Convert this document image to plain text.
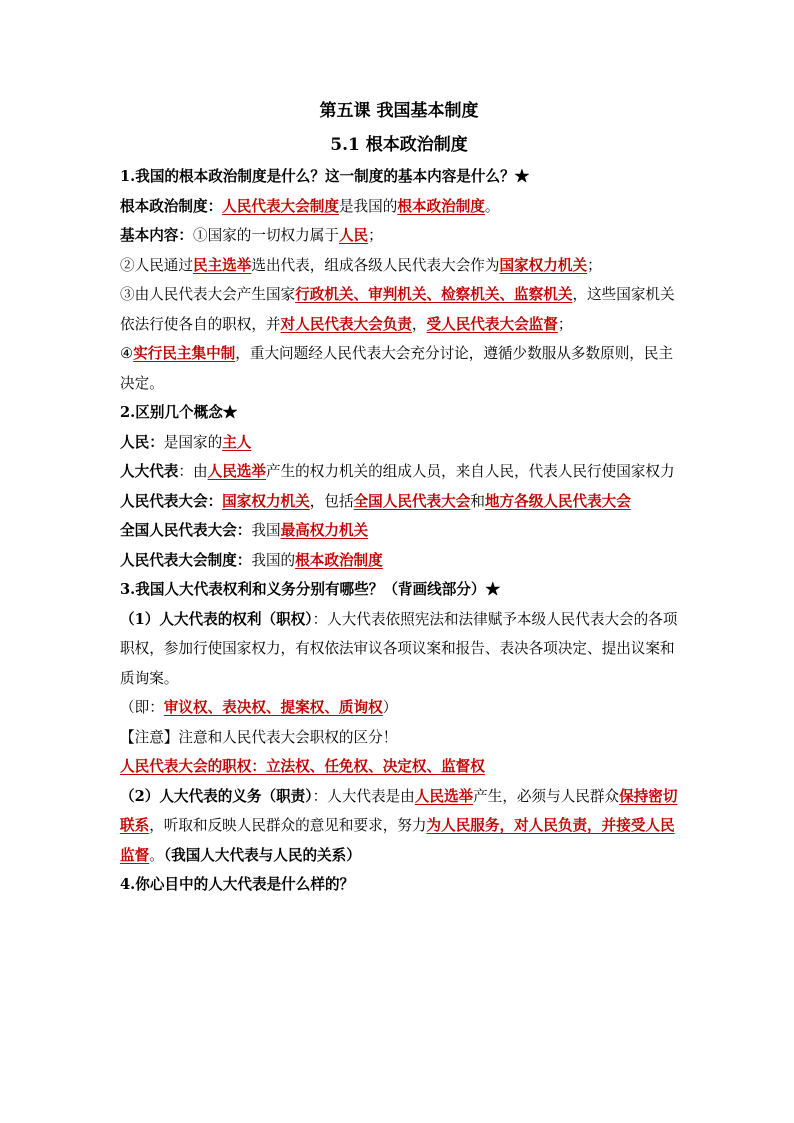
第五课 我国基本制度
5.1 根本政治制度

1.我国的根本政治制度是什么？这一制度的基本内容是什么？★

根本政治制度：人民代表大会制度是我国的根本政治制度。

基本内容：①国家的一切权力属于人民；

②人民通过民主选举选出代表，组成各级人民代表大会作为国家权力机关；

③由人民代表大会产生国家行政机关、审判机关、检察机关、监察机关，这些国家机关依法行使各自的职权，并对人民代表大会负责，受人民代表大会监督；

④实行民主集中制，重大问题经人民代表大会充分讨论，遵循少数服从多数原则，民主决定。

2.区别几个概念★

人民：是国家的主人

人大代表：由人民选举产生的权力机关的组成人员，来自人民，代表人民行使国家权力

人民代表大会：国家权力机关，包括全国人民代表大会和地方各级人民代表大会

全国人民代表大会：我国最高权力机关

人民代表大会制度：我国的根本政治制度

3.我国人大代表权利和义务分别有哪些？（背画线部分）★

（1）人大代表的权利（职权）：人大代表依照宪法和法律赋予本级人民代表大会的各项职权，参加行使国家权力，有权依法审议各项议案和报告、表决各项决定、提出议案和质询案。

（即：审议权、表决权、提案权、质询权）

【注意】注意和人民代表大会职权的区分！

人民代表大会的职权：立法权、任免权、决定权、监督权

（2）人大代表的义务（职责）：人大代表是由人民选举产生，必须与人民群众保持密切联系，听取和反映人民群众的意见和要求，努力为人民服务，对人民负责，并接受人民监督。（我国人大代表与人民的关系）

4.你心目中的人大代表是什么样的？
